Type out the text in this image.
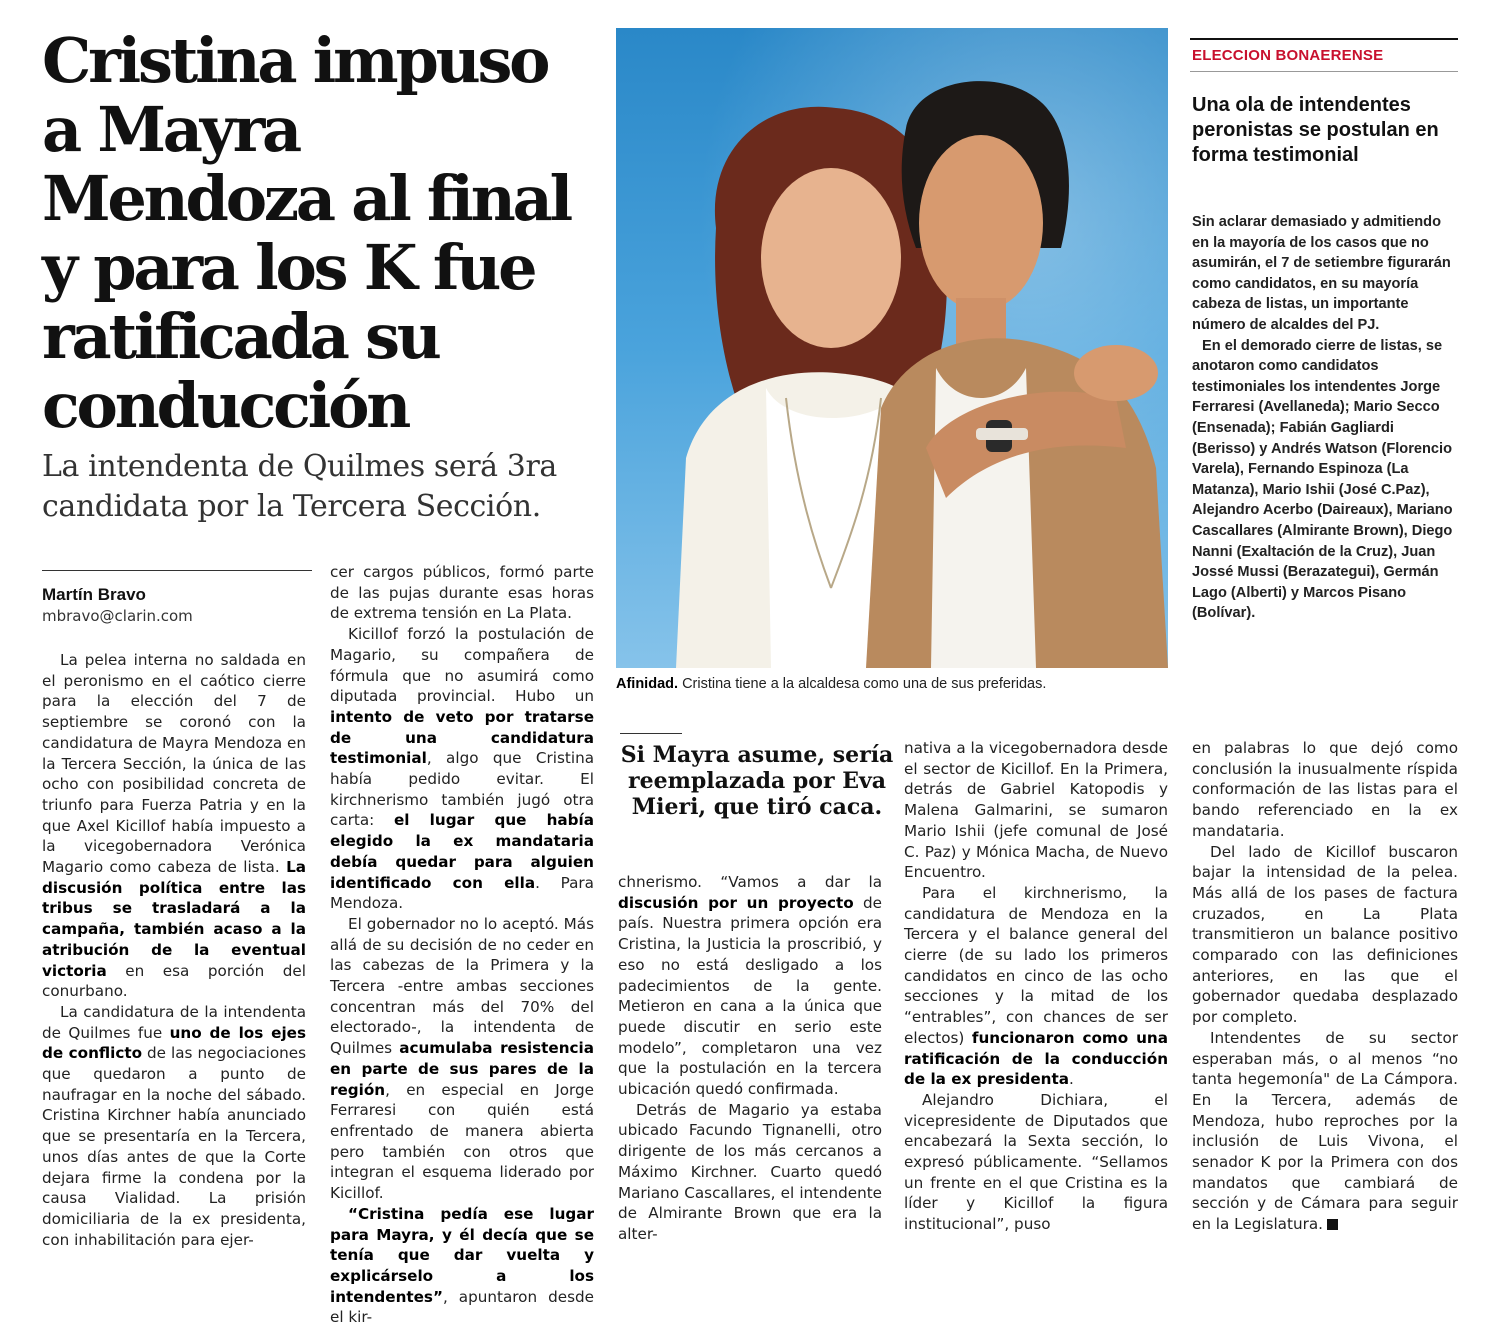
Cristina impuso a Mayra Mendoza al final y para los K fue ratificada su conducción
La intendenta de Quilmes será 3ra candidata por la Tercera Sección.
Martín Bravo
mbravo@clarin.com

La pelea interna no saldada en el peronismo en el caótico cierre para la elección del 7 de septiembre se coronó con la candidatura de Mayra Mendoza en la Tercera Sección, la única de las ocho con posibilidad concreta de triunfo para Fuerza Patria y en la que Axel Kicillof había impuesto a la vicegobernadora Verónica Magario como cabeza de lista. La discusión política entre las tribus se trasladará a la campaña, también acaso a la atribución de la eventual victoria en esa porción del conurbano.

La candidatura de la intendenta de Quilmes fue uno de los ejes de conflicto de las negociaciones que quedaron a punto de naufragar en la noche del sábado. Cristina Kirchner había anunciado que se presentaría en la Tercera, unos días antes de que la Corte dejara firme la condena por la causa Vialidad. La prisión domiciliaria de la ex presidenta, con inhabilitación para ejer-

cer cargos públicos, formó parte de las pujas durante esas horas de extrema tensión en La Plata.

Kicillof forzó la postulación de Magario, su compañera de fórmula que no asumirá como diputada provincial. Hubo un intento de veto por tratarse de una candidatura testimonial, algo que Cristina había pedido evitar. El kirchnerismo también jugó otra carta: el lugar que había elegido la ex mandataria debía quedar para alguien identificado con ella. Para Mendoza.

El gobernador no lo aceptó. Más allá de su decisión de no ceder en las cabezas de la Primera y la Tercera -entre ambas secciones concentran más del 70% del electorado-, la intendenta de Quilmes acumulaba resistencia en parte de sus pares de la región, en especial en Jorge Ferraresi con quién está enfrentado de manera abierta pero también con otros que integran el esquema liderado por Kicillof.

“Cristina pedía ese lugar para Mayra, y él decía que se tenía que dar vuelta y explicárselo a los intendentes”, apuntaron desde el kir-

Afinidad. Cristina tiene a la alcaldesa como una de sus preferidas.
Si Mayra asume, sería reemplazada por Eva Mieri, que tiró caca.

chnerismo. “Vamos a dar la discusión por un proyecto de país. Nuestra primera opción era Cristina, la Justicia la proscribió, y eso no está desligado a los padecimientos de la gente. Metieron en cana a la única que puede discutir en serio este modelo”, completaron una vez que la postulación en la tercera ubicación quedó confirmada.

Detrás de Magario ya estaba ubicado Facundo Tignanelli, otro dirigente de los más cercanos a Máximo Kirchner. Cuarto quedó Mariano Cascallares, el intendente de Almirante Brown que era la alter-

nativa a la vicegobernadora desde el sector de Kicillof. En la Primera, detrás de Gabriel Katopodis y Malena Galmarini, se sumaron Mario Ishii (jefe comunal de José C. Paz) y Mónica Macha, de Nuevo Encuentro.

Para el kirchnerismo, la candidatura de Mendoza en la Tercera y el balance general del cierre (de su lado los primeros candidatos en cinco de las ocho secciones y la mitad de los “entrables”, con chances de ser electos) funcionaron como una ratificación de la conducción de la ex presidenta.

Alejandro Dichiara, el vicepresidente de Diputados que encabezará la Sexta sección, lo expresó públicamente. “Sellamos un frente en el que Cristina es la líder y Kicillof la figura institucional”, puso

en palabras lo que dejó como conclusión la inusualmente ríspida conformación de las listas para el bando referenciado en la ex mandataria.

Del lado de Kicillof buscaron bajar la intensidad de la pelea. Más allá de los pases de factura cruzados, en La Plata transmitieron un balance positivo comparado con las definiciones anteriores, en las que el gobernador quedaba desplazado por completo.

Intendentes de su sector esperaban más, o al menos “no tanta hegemonía" de La Cámpora. En la Tercera, además de Mendoza, hubo reproches por la inclusión de Luis Vivona, el senador K por la Primera con dos mandatos que cambiará de sección y de Cámara para seguir en la Legislatura.

ELECCION BONAERENSE
Una ola de intendentes peronistas se postulan en forma testimonial

Sin aclarar demasiado y admitiendo en la mayoría de los casos que no asumirán, el 7 de setiembre figurarán como candidatos, en su mayoría cabeza de listas, un importante número de alcaldes del PJ.

En el demorado cierre de listas, se anotaron como candidatos testimoniales los intendentes Jorge Ferraresi (Avellaneda); Mario Secco (Ensenada); Fabián Gagliardi (Berisso) y Andrés Watson (Florencio Varela), Fernando Espinoza (La Matanza), Mario Ishii (José C.Paz), Alejandro Acerbo (Daireaux), Mariano Cascallares (Almirante Brown), Diego Nanni (Exaltación de la Cruz), Juan Jossé Mussi (Berazategui), Germán Lago (Alberti) y Marcos Pisano (Bolívar).
